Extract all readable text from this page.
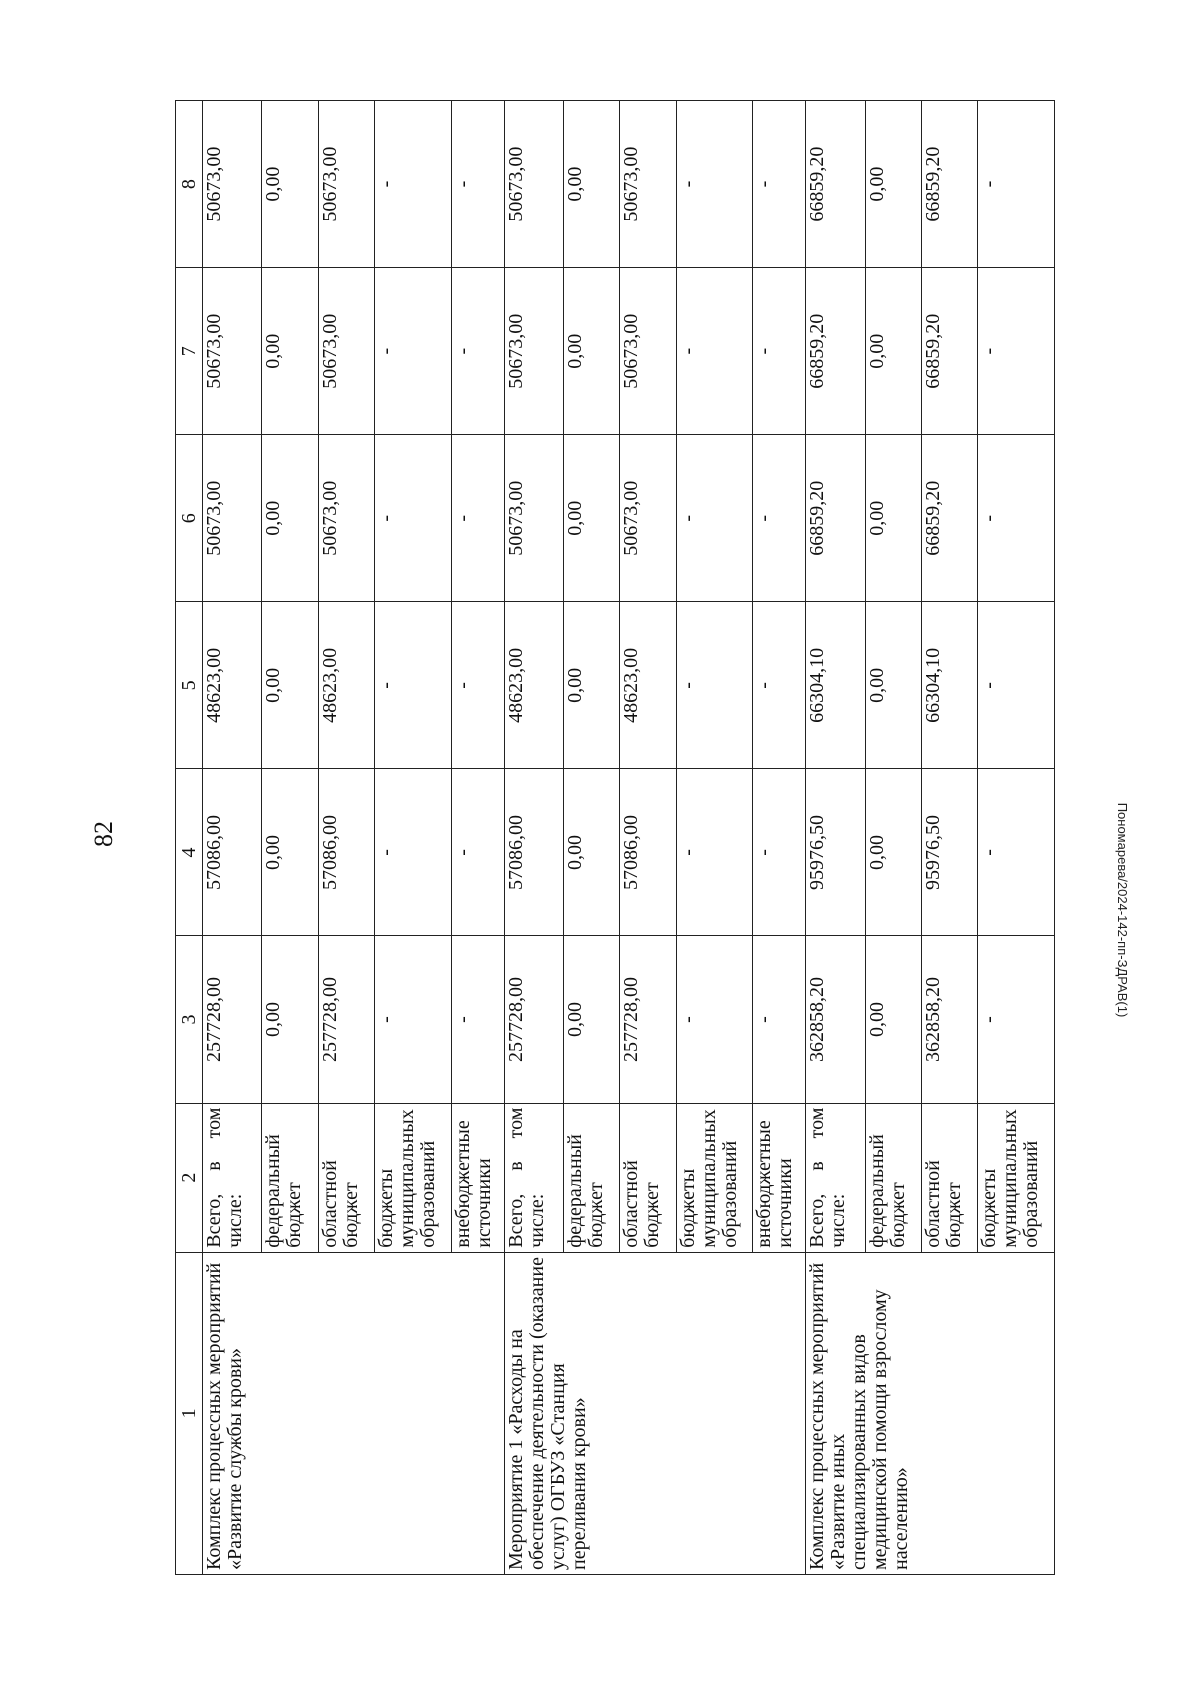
82
1	2	3	4	5	6	7	8
Комплекс процессных мероприятий «Развитие службы крови»	Всего, в том числе:	257728,00	57086,00	48623,00	50673,00	50673,00	50673,00
	федеральный бюджет	0,00	0,00	0,00	0,00	0,00	0,00
	областной бюджет	257728,00	57086,00	48623,00	50673,00	50673,00	50673,00
	бюджеты муниципальных образований	-	-	-	-	-	-
	внебюджетные источники	-	-	-	-	-	-
Мероприятие 1 «Расходы на обеспечение деятельности (оказание услуг) ОГБУЗ «Станция переливания крови»	Всего, в том числе:	257728,00	57086,00	48623,00	50673,00	50673,00	50673,00
	федеральный бюджет	0,00	0,00	0,00	0,00	0,00	0,00
	областной бюджет	257728,00	57086,00	48623,00	50673,00	50673,00	50673,00
	бюджеты муниципальных образований	-	-	-	-	-	-
	внебюджетные источники	-	-	-	-	-	-
Комплекс процессных мероприятий «Развитие иных специализированных видов медицинской помощи взрослому населению»	Всего, в том числе:	362858,20	95976,50	66304,10	66859,20	66859,20	66859,20
	федеральный бюджет	0,00	0,00	0,00	0,00	0,00	0,00
	областной бюджет	362858,20	95976,50	66304,10	66859,20	66859,20	66859,20
	бюджеты муниципальных образований	-	-	-	-	-	-
Пономарева/2024-142-пп-ЗДРАВ(1)
